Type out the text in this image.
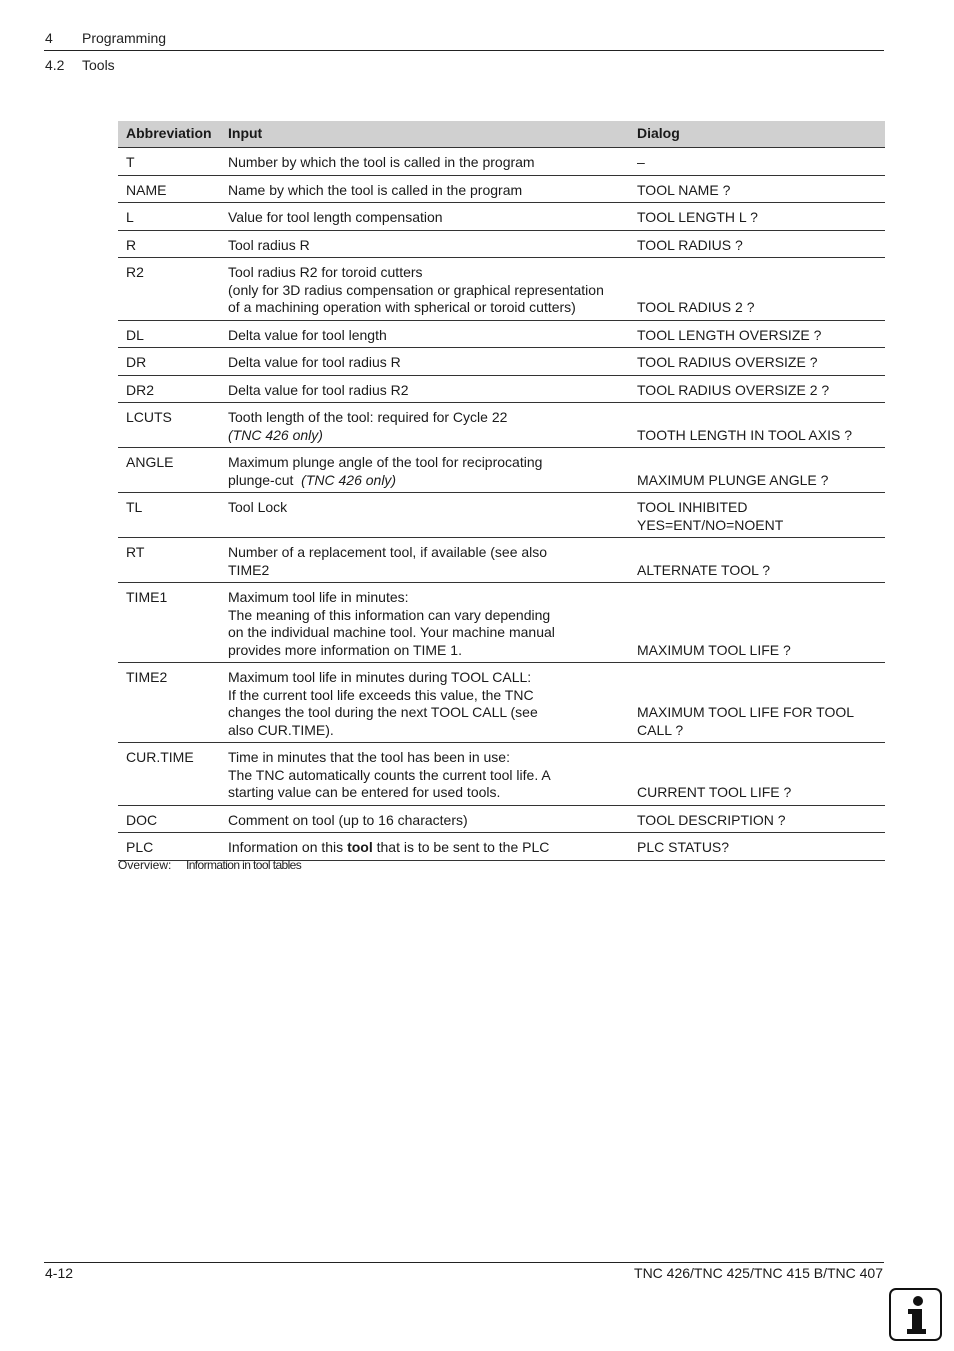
4 Programming
4.2 Tools
Abbreviation	Input	Dialog
T	Number by which the tool is called in the program	–

NAME	Name by which the tool is called in the program	TOOL NAME ?

L	Value for tool length compensation	TOOL LENGTH L ?

R	Tool radius R	TOOL RADIUS ?

R2	Tool radius R2 for toroid cutters
(only for 3D radius compensation or graphical representation
of a machining operation with spherical or toroid cutters)	TOOL RADIUS 2 ?

DL	Delta value for tool length	TOOL LENGTH OVERSIZE ?

DR	Delta value for tool radius R	TOOL RADIUS OVERSIZE ?

DR2	Delta value for tool radius R2	TOOL RADIUS OVERSIZE 2 ?

LCUTS	Tooth length of the tool: required for Cycle 22
(TNC 426 only)	TOOTH LENGTH IN TOOL AXIS ?

ANGLE	Maximum plunge angle of the tool for reciprocating
plunge-cut (TNC 426 only)	MAXIMUM PLUNGE ANGLE ?

TL	Tool Lock	TOOL INHIBITED
YES=ENT/NO=NOENT

RT	Number of a replacement tool, if available (see also
TIME2	ALTERNATE TOOL ?

TIME1	Maximum tool life in minutes:
The meaning of this information can vary depending
on the individual machine tool. Your machine manual
provides more information on TIME 1.	MAXIMUM TOOL LIFE ?

TIME2	Maximum tool life in minutes during TOOL CALL:
If the current tool life exceeds this value, the TNC
changes the tool during the next TOOL CALL (see
also CUR.TIME).	MAXIMUM TOOL LIFE FOR TOOL
CALL ?

CUR.TIME	Time in minutes that the tool has been in use:
The TNC automatically counts the current tool life. A
starting value can be entered for used tools.	CURRENT TOOL LIFE ?

DOC	Comment on tool (up to 16 characters)	TOOL DESCRIPTION ?

PLC	Information on this tool that is to be sent to the PLC	PLC STATUS?
Overview: Information in tool tables
4-12	TNC 426/TNC 425/TNC 415 B/TNC 407
